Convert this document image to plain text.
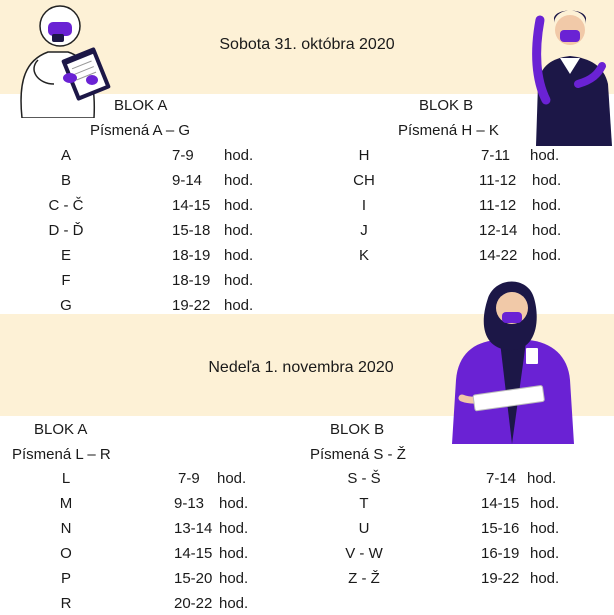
Sobota 31. októbra 2020
BLOK A
Písmená A – G
BLOK B
Písmená H – K
A	7-9 hod.
B	9-14 hod.
C - Č	14-15 hod.
D - Ď	15-18 hod.
E	18-19 hod.
F	18-19 hod.
G	19-22 hod.
H	7-11 hod.
CH	11-12 hod.
I	11-12 hod.
J	12-14 hod.
K	14-22 hod.
Nedeľa 1. novembra 2020
BLOK A
Písmená L – R
BLOK B
Písmená S - Ž
L	7-9 hod.
M	9-13 hod.
N	13-14 hod.
O	14-15 hod.
P	15-20 hod.
R	20-22 hod.
S - Š	7-14 hod.
T	14-15 hod.
U	15-16 hod.
V - W	16-19 hod.
Z - Ž	19-22 hod.
